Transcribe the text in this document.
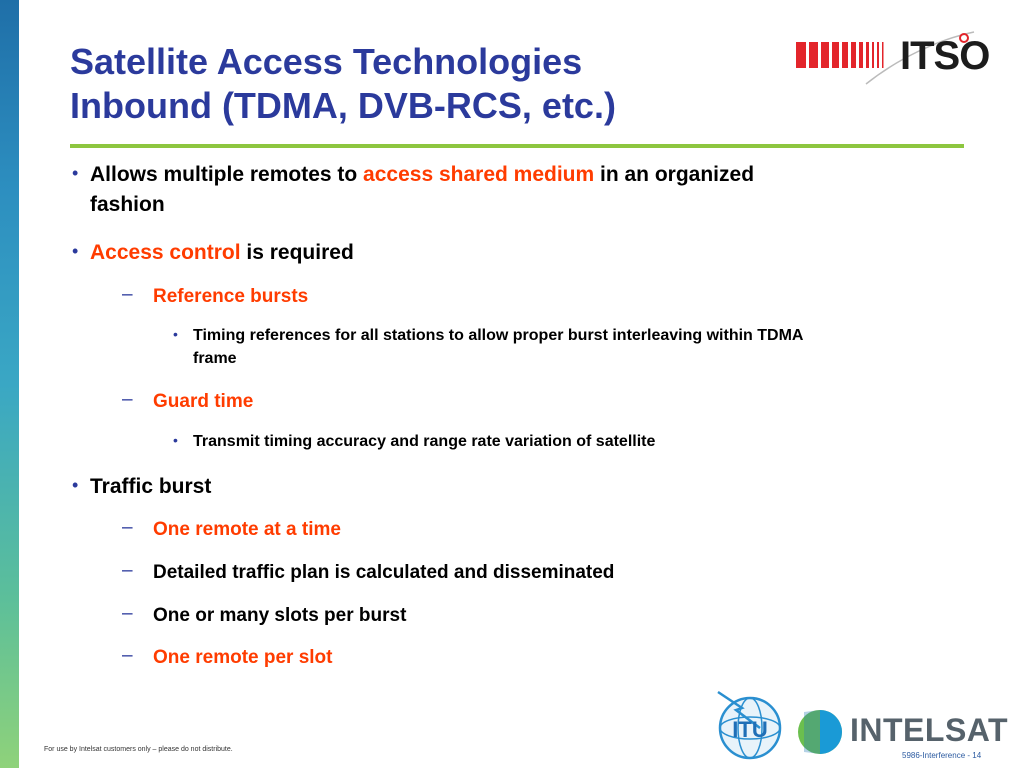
Satellite Access Technologies
Inbound (TDMA, DVB-RCS, etc.)
ITSO
• Allows multiple remotes to access shared medium in an organized
fashion
• Access control is required
– Reference bursts
• Timing references for all stations to allow proper burst interleaving within TDMA
frame
– Guard time
• Transmit timing accuracy and range rate variation of satellite
• Traffic burst
– One remote at a time
– Detailed traffic plan is calculated and disseminated
– One or many slots per burst
– One remote per slot
For use by Intelsat customers only – please do not distribute.
ITU	INTELSAT
5986-Interference - 14
